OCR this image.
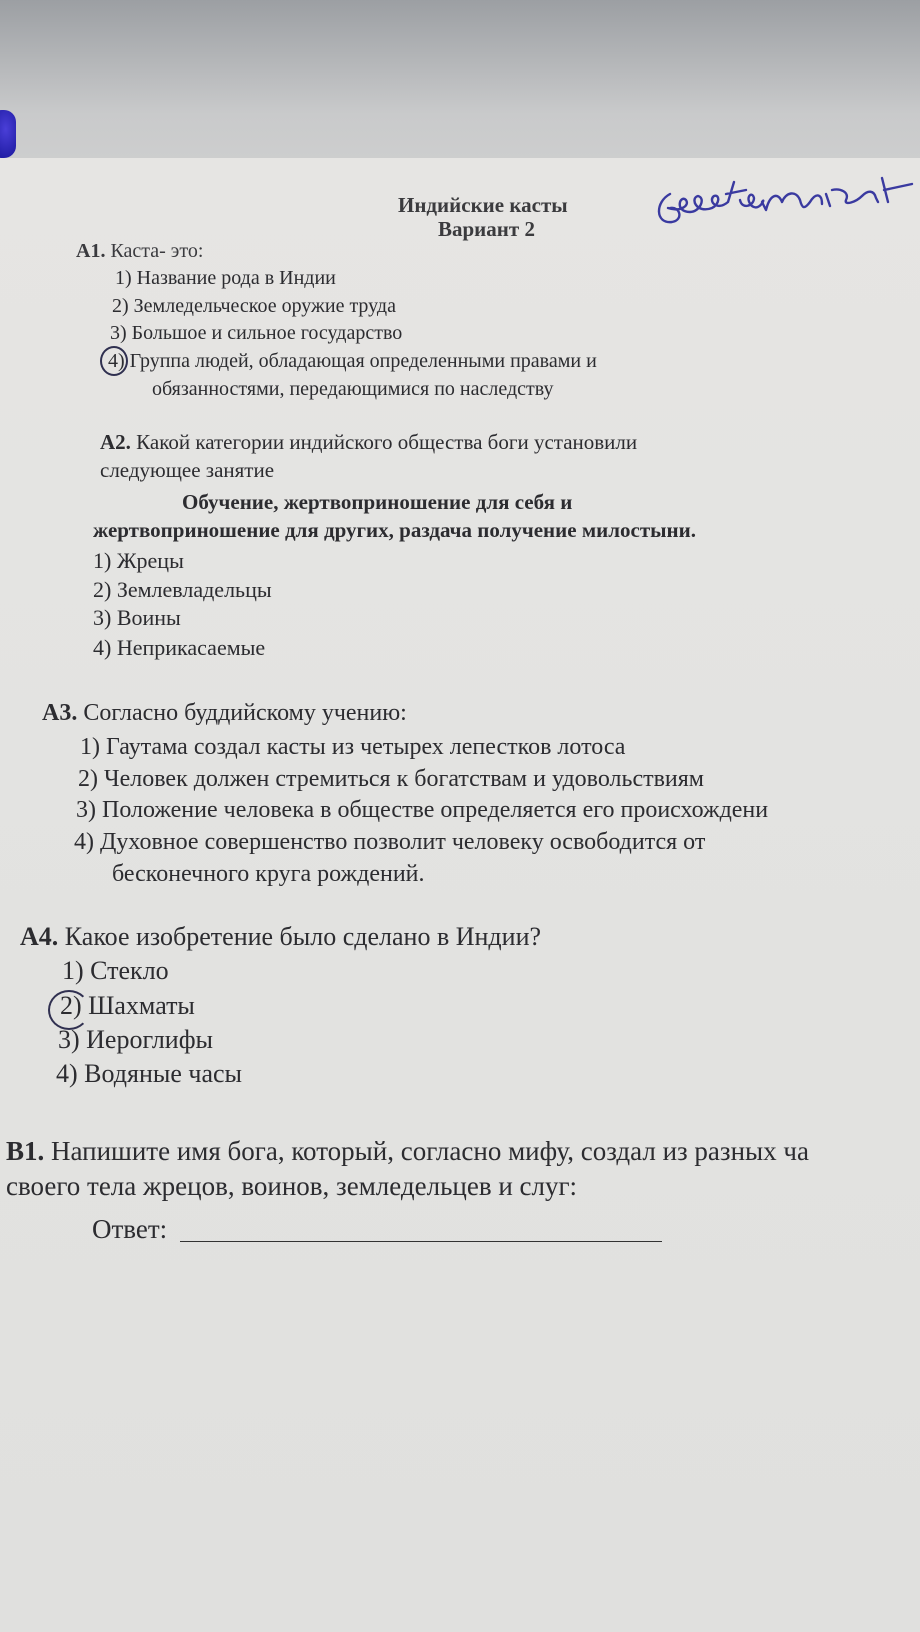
Индийские касты
Вариант 2
А1. Каста- это:
1) Название рода в Индии
2) Земледельческое оружие труда
3) Большое и сильное государство
4) Группа людей, обладающая определенными правами и
обязанностями, передающимися по наследству
А2. Какой категории индийского общества боги установили
следующее занятие
Обучение, жертвоприношение для себя и
жертвоприношение для других, раздача получение милостыни.
1) Жрецы
2) Землевладельцы
3) Воины
4) Неприкасаемые
А3. Согласно буддийскому учению:
1) Гаутама создал касты из четырех лепестков лотоса
2) Человек должен стремиться к богатствам и удовольствиям
3) Положение человека в обществе определяется его происхождени
4) Духовное совершенство позволит человеку освободится от
бесконечного круга рождений.
А4. Какое изобретение было сделано в Индии?
1) Стекло
2) Шахматы
3) Иероглифы
4) Водяные часы
В1. Напишите имя бога, который, согласно мифу, создал из разных ча
своего тела жрецов, воинов, земледельцев и слуг:
Ответ:
